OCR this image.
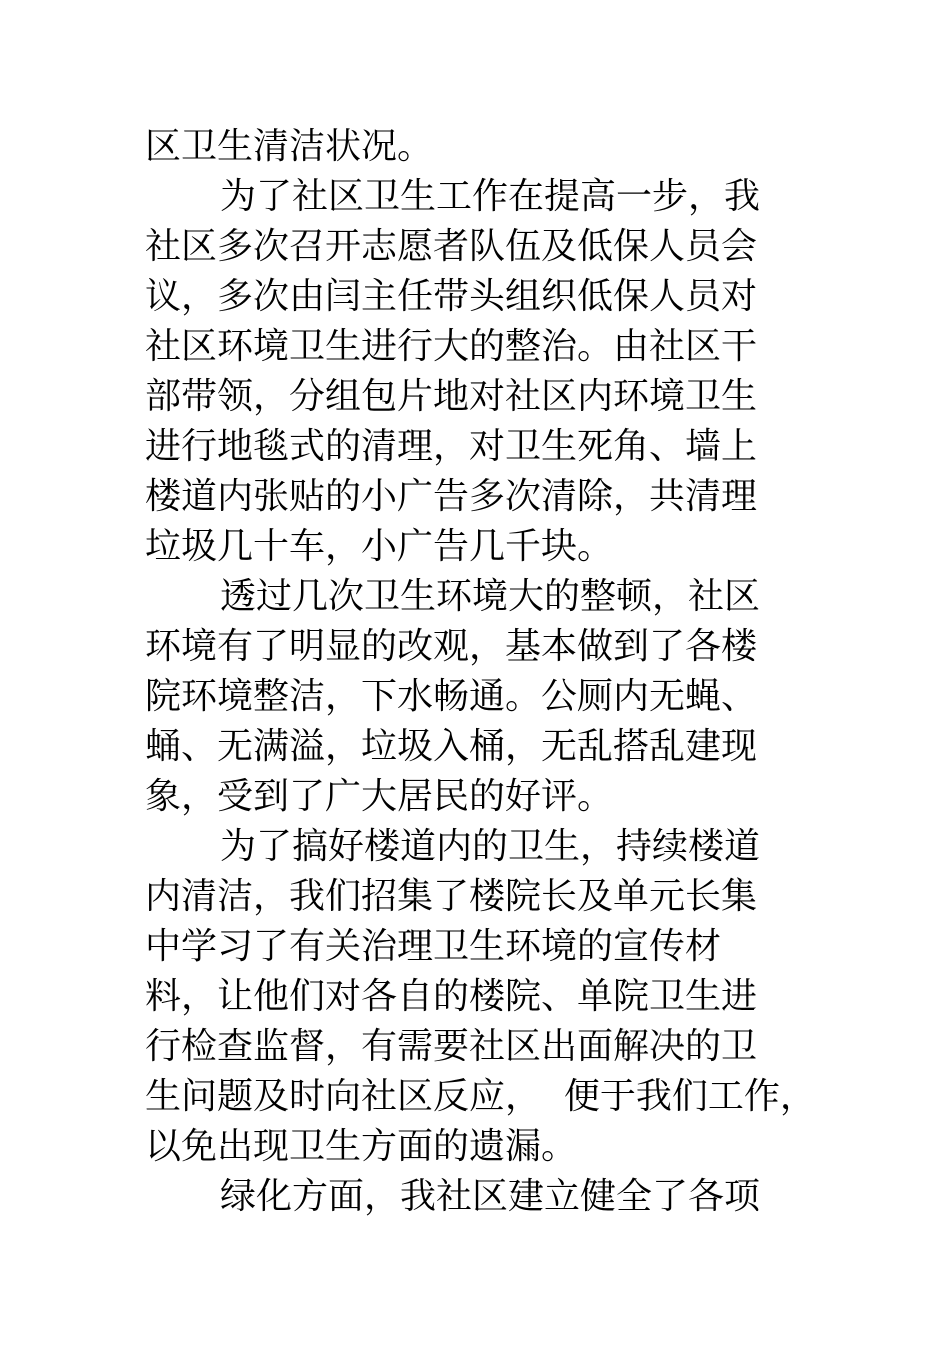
区卫生清洁状况。
为了社区卫生工作在提高一步，我
社区多次召开志愿者队伍及低保人员会
议，多次由闫主任带头组织低保人员对
社区环境卫生进行大的整治。由社区干
部带领，分组包片地对社区内环境卫生
进行地毯式的清理，对卫生死角、墙上
楼道内张贴的小广告多次清除，共清理
垃圾几十车，小广告几千块。
透过几次卫生环境大的整顿，社区
环境有了明显的改观，基本做到了各楼
院环境整洁，下水畅通。公厕内无蝇、
蛹、无满溢，垃圾入桶，无乱搭乱建现
象，受到了广大居民的好评。
为了搞好楼道内的卫生，持续楼道
内清洁，我们招集了楼院长及单元长集
中学习了有关治理卫生环境的宣传材
料，让他们对各自的楼院、单院卫生进
行检查监督，有需要社区出面解决的卫
生问题及时向社区反应，  便于我们工作，
以免出现卫生方面的遗漏。
绿化方面，我社区建立健全了各项
